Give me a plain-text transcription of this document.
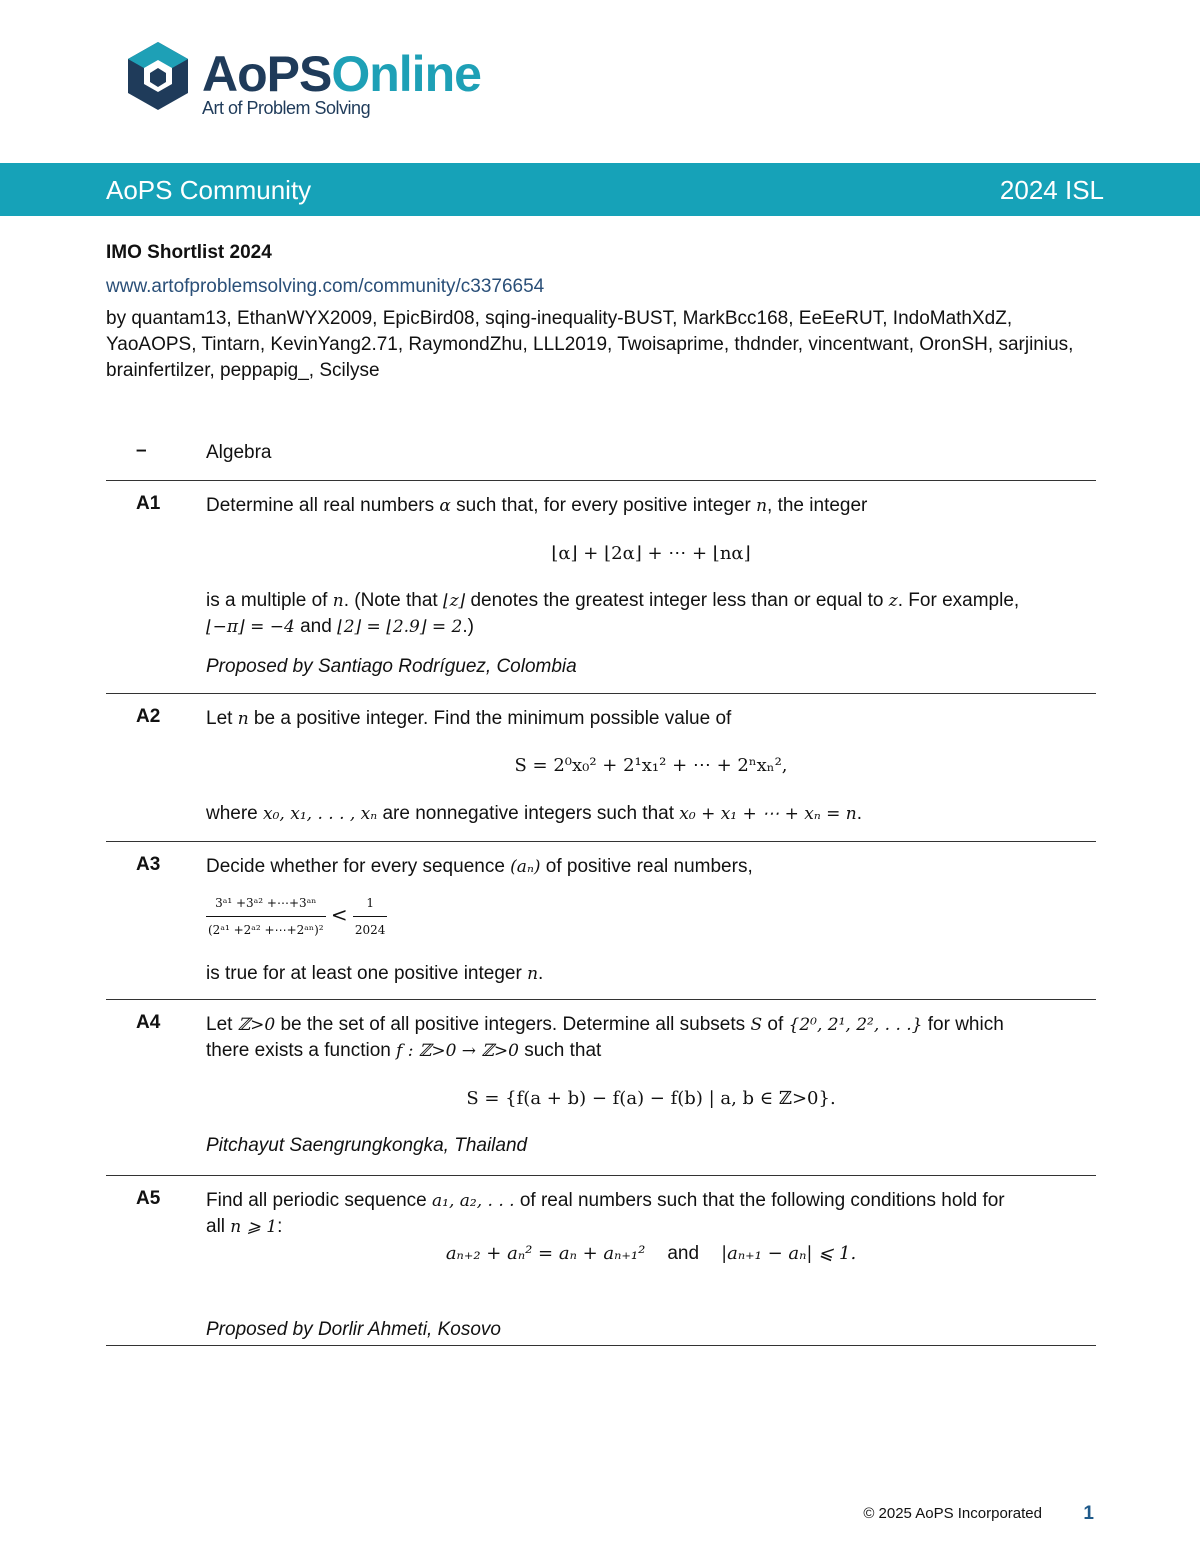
AoPSOnline
Art of Problem Solving
AoPS Community	2024 ISL
IMO Shortlist 2024
www.artofproblemsolving.com/community/c3376654
by quantam13, EthanWYX2009, EpicBird08, sqing-inequality-BUST, MarkBcc168, EeEeRUT, IndoMathXdZ, YaoAOPS, Tintarn, KevinYang2.71, RaymondZhu, LLL2019, Twoisaprime, thdnder, vincentwant, OronSH, sarjinius, brainfertilzer, peppapig_, Scilyse
–	Algebra
A1 Determine all real numbers α such that, for every positive integer n, the integer
⌊α⌋ + ⌊2α⌋ + ⋯ + ⌊nα⌋
is a multiple of n. (Note that ⌊z⌋ denotes the greatest integer less than or equal to z. For example,
⌊−π⌋ = −4 and ⌊2⌋ = ⌊2.9⌋ = 2.)
Proposed by Santiago Rodríguez, Colombia
A2 Let n be a positive integer. Find the minimum possible value of
S = 2⁰x₀² + 2¹x₁² + ⋯ + 2ⁿxₙ²,
where x₀, x₁, . . . , xₙ are nonnegative integers such that x₀ + x₁ + ⋯ + xₙ = n.
A3 Decide whether for every sequence (aₙ) of positive real numbers,
$\frac{\text{3ᵃ¹ +3ᵃ² +⋯+3ᵃⁿ}}{\text{(2ᵃ¹ +2ᵃ² +⋯+2ᵃⁿ)²}} < \frac{1}{2024}$
is true for at least one positive integer n.
A4 Let ℤ>0 be the set of all positive integers. Determine all subsets S of {2⁰, 2¹, 2², . . .} for which
there exists a function f : ℤ>0 → ℤ>0 such that
S = {f(a + b) − f(a) − f(b) | a, b ∈ ℤ>0}.
Pitchayut Saengrungkongka, Thailand
A5 Find all periodic sequence a₁, a₂, . . . of real numbers such that the following conditions hold for
all n ⩾ 1:
aₙ₊₂ + aₙ² = aₙ + aₙ₊₁² and |aₙ₊₁ − aₙ| ⩽ 1.
Proposed by Dorlir Ahmeti, Kosovo
© 2025 AoPS Incorporated 1
